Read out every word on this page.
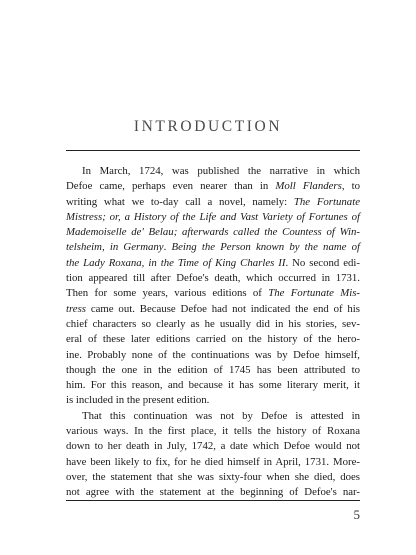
INTRODUCTION
In March, 1724, was published the narrative in which
Defoe came, perhaps even nearer than in Moll Flanders, to
writing what we to-day call a novel, namely: The Fortunate
Mistress; or, a History of the Life and Vast Variety of Fortunes of
Mademoiselle de' Belau; afterwards called the Countess of Win-
telsheim, in Germany. Being the Person known by the name of
the Lady Roxana, in the Time of King Charles II. No second edi-
tion appeared till after Defoe's death, which occurred in 1731.
Then for some years, various editions of The Fortunate Mis-
tress came out. Because Defoe had not indicated the end of his
chief characters so clearly as he usually did in his stories, sev-
eral of these later editions carried on the history of the hero-
ine. Probably none of the continuations was by Defoe himself,
though the one in the edition of 1745 has been attributed to
him. For this reason, and because it has some literary merit, it
is included in the present edition.
That this continuation was not by Defoe is attested in
various ways. In the first place, it tells the history of Roxana
down to her death in July, 1742, a date which Defoe would not
have been likely to fix, for he died himself in April, 1731. More-
over, the statement that she was sixty-four when she died, does
not agree with the statement at the beginning of Defoe's nar-
5
